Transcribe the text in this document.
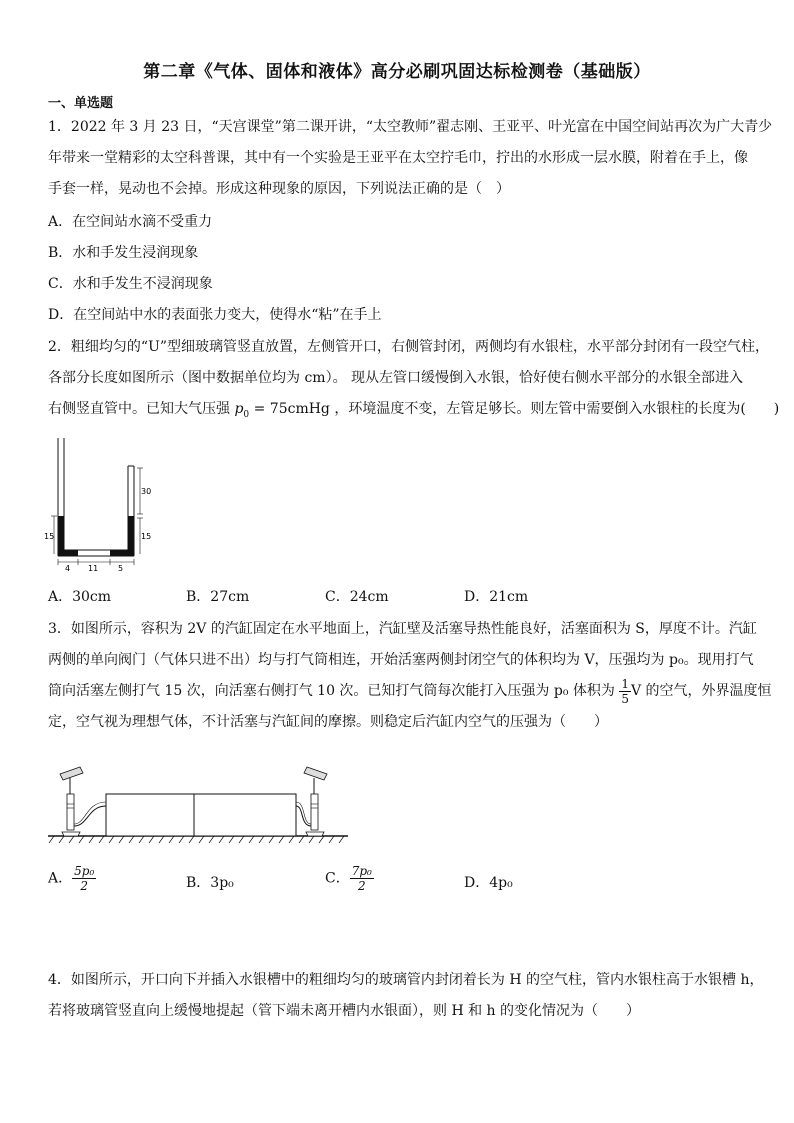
第二章《气体、固体和液体》高分必刷巩固达标检测卷（基础版）
一、单选题
1．2022 年 3 月 23 日，“天宫课堂”第二课开讲，“太空教师”翟志刚、王亚平、叶光富在中国空间站再次为广大青少
年带来一堂精彩的太空科普课，其中有一个实验是王亚平在太空拧毛巾，拧出的水形成一层水膜，附着在手上，像
手套一样，晃动也不会掉。形成这种现象的原因，下列说法正确的是（　）
A．在空间站水滴不受重力
B．水和手发生浸润现象
C．水和手发生不浸润现象
D．在空间站中水的表面张力变大，使得水“粘”在手上
2．粗细均匀的“U”型细玻璃管竖直放置，左侧管开口，右侧管封闭，两侧均有水银柱，水平部分封闭有一段空气柱，
各部分长度如图所示（图中数据单位均为 cm）。 现从左管口缓慢倒入水银，恰好使右侧水平部分的水银全部进入
右侧竖直管中。已知大气压强 $p_0$ = 75cmHg ，环境温度不变，左管足够长。则左管中需要倒入水银柱的长度为(　　)
30
15
15
4 11 5
A．30cm	B．27cm	C．24cm	D．21cm
3．如图所示，容积为 2V 的汽缸固定在水平地面上，汽缸壁及活塞导热性能良好，活塞面积为 S，厚度不计。汽缸
两侧的单向阀门（气体只进不出）均与打气筒相连，开始活塞两侧封闭空气的体积均为 V，压强均为 p₀。现用打气
筒向活塞左侧打气 15 次，向活塞右侧打气 10 次。已知打气筒每次能打入压强为 p₀ 体积为 $\frac{1}{5}$ V 的空气，外界温度恒
定，空气视为理想气体，不计活塞与汽缸间的摩擦。则稳定后汽缸内空气的压强为（　　）
A． $\frac{\text{5p₀}}{2}$	B．3p₀	C． $\frac{\text{7p₀}}{2}$	D．4p₀
4．如图所示，开口向下并插入水银槽中的粗细均匀的玻璃管内封闭着长为 H 的空气柱，管内水银柱高于水银槽 h，
若将玻璃管竖直向上缓慢地提起（管下端未离开槽内水银面），则 H 和 h 的变化情况为（　　）
